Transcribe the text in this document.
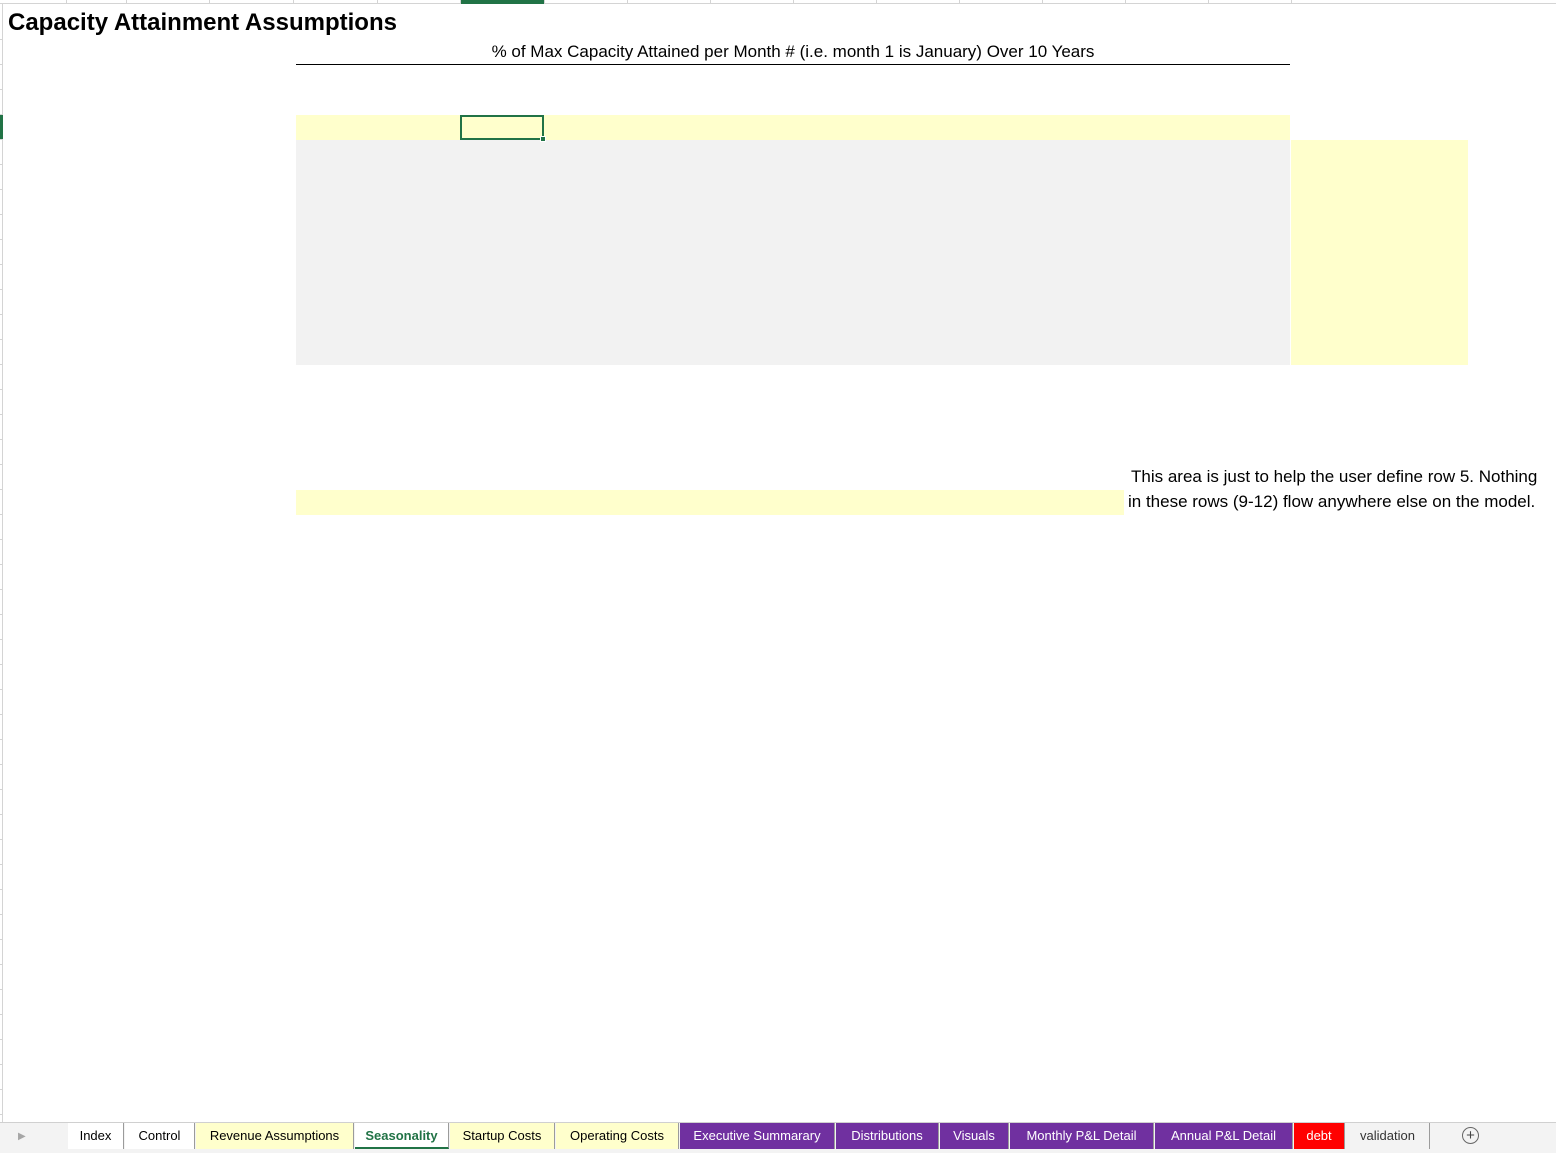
Capacity Attainment Assumptions
% of Max Capacity Attained per Month # (i.e. month 1 is January) Over 10 Years
This area is just to help the user define row 5. Nothing
in these rows (9-12) flow anywhere else on the model.
▶	Index	Control	Revenue Assumptions	Seasonality	Startup Costs	Operating Costs	Executive Summarary	Distributions	Visuals	Monthly P&L Detail	Annual P&L Detail	debt	validation	+
